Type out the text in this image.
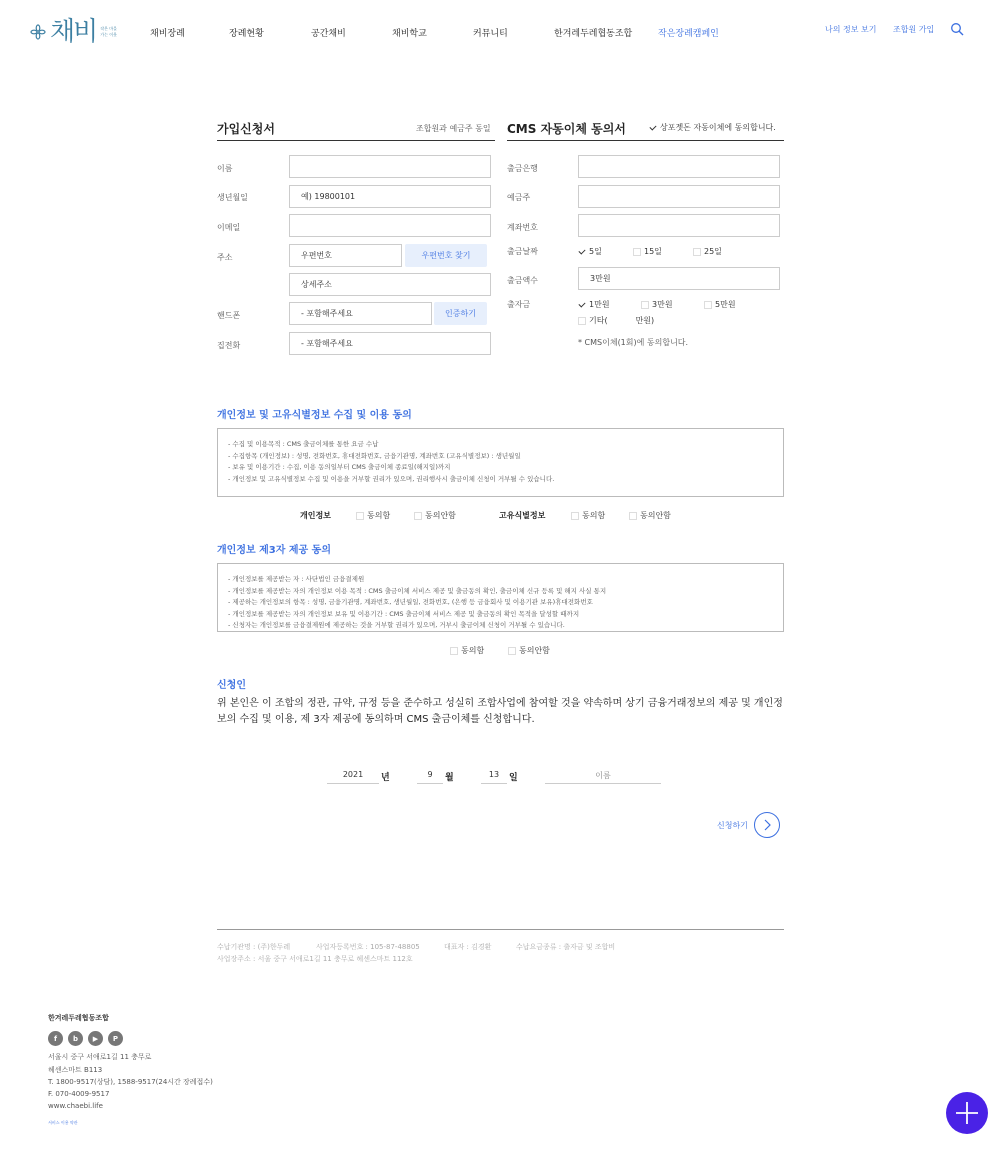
채비 작은 마을가는 이웃	채비장례	장례현황	공간채비	채비학교	커뮤니티	한겨레두레협동조합	작은장례캠페인	나의 정보 보기 조합원 가입
가입신청서	조합원과 예금주 동일
이름
생년월일	예) 19800101
이메일
주소	우편번호	우편번호 찾기
상세주소
핸드폰	- 포함해주세요	인증하기
집전화	- 포함해주세요
CMS 자동이체 동의서	상포젯돈 자동이체에 동의합니다.
출금은행
예금주
계좌번호
출금날짜	5일	15일	25일
출금액수	3만원
출자금	1만원	3만원	5만원
기타(	만원)
* CMS이체(1회)에 동의합니다.
개인정보 및 고유식별정보 수집 및 이용 동의

- 수집 및 이용목적 : CMS 출금이체를 통한 요금 수납

- 수집항목 (개인정보) : 성명, 전화번호, 휴대전화번호, 금융기관명, 계좌번호 (고유식별정보) : 생년월일

- 보유 및 이용기간 : 수집, 이용 동의일부터 CMS 출금이체 종료일(해지일)까지

- 개인정보 및 고유식별정보 수집 및 이용을 거부할 권리가 있으며, 권리행사시 출금이체 신청이 거부될 수 있습니다.

개인정보	동의함	동의안함	고유식별정보	동의함	동의안함
개인정보 제3자 제공 동의

- 개인정보를 제공받는 자 : 사단법인 금융결제원

- 개인정보를 제공받는 자의 개인정보 이용 목적 : CMS 출금이체 서비스 제공 및 출금동의 확인, 출금이체 신규 등록 및 해지 사실 통지

- 제공하는 개인정보의 항목 : 성명, 금융기관명, 계좌번호, 생년월일, 전화번호, (은행 등 금융회사 및 이용기관 보유)휴대전화번호

- 개인정보를 제공받는 자의 개인정보 보유 및 이용기간 : CMS 출금이체 서비스 제공 및 출금동의 확인 목적을 달성할 때까지

- 신청자는 개인정보를 금융결제원에 제공하는 것을 거부할 권리가 있으며, 거부시 출금이체 신청이 거부될 수 있습니다.

동의함	동의안함
신청인
위 본인은 이 조합의 정관, 규약, 규정 등을 준수하고 성실히 조합사업에 참여할 것을 약속하며 상기 금융거래정보의 제공 및 개인정보의 수집 및 이용, 제 3자 제공에 동의하며 CMS 출금이체를 신청합니다.
2021	년	9	월	13	일	이름
신청하기
수납기관명 : (주)한두레	사업자등록번호 : 105-87-48805	대표자 : 김경환	수납요금종류 : 출자금 및 조합비
사업장주소 : 서울 중구 서애로1길 11 충무로 헤센스마트 112호
한겨레두레협동조합
f	b	▶	P
서울시 중구 서애로1길 11 충무로
헤센스마트 B113
T. 1800-9517(상담), 1588-9517(24시간 장례접수)
F. 070-4009-9517
www.chaebi.life
서비스 이용 약관
